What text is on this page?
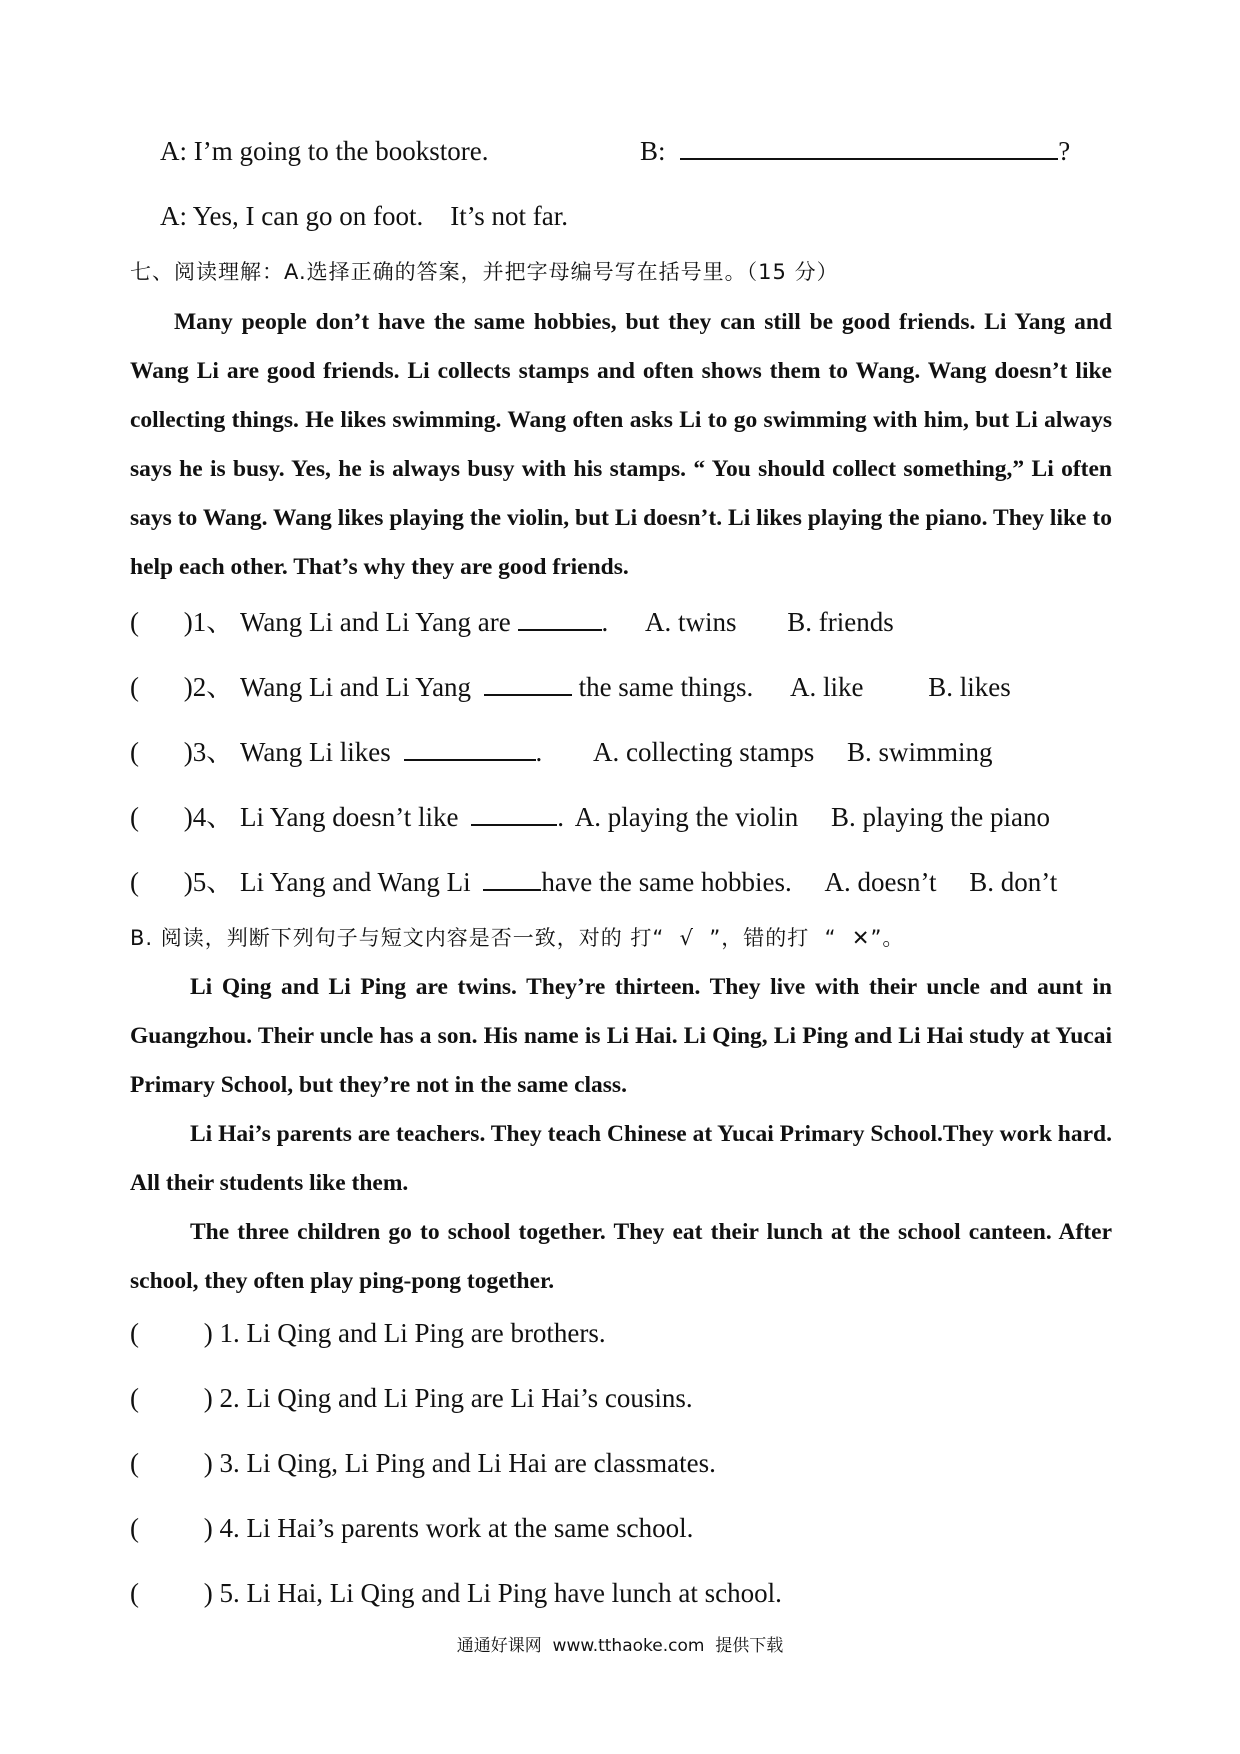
A: I’m going to the bookstore.	B:	?
A: Yes, I can go on foot.    It’s not far.
七、阅读理解：A.选择正确的答案，并把字母编号写在括号里。（15 分）
Many people don’t have the same hobbies, but they can still be good friends. Li Yang and Wang Li are good friends. Li collects stamps and often shows them to Wang. Wang doesn’t like collecting things. He likes swimming. Wang often asks Li to go swimming with him, but Li always says he is busy. Yes, he is always busy with his stamps. “ You should collect something,” Li often says to Wang. Wang likes playing the violin, but Li doesn’t. Li likes playing the piano. They like to help each other. That’s why they are good friends.
( )1、 Wang Li and Li Yang are	. A. twins B. friends
( )2、 Wang Li and Li Yang	the same things. A. like B. likes
( )3、 Wang Li likes	. A. collecting stamps B. swimming
( )4、 Li Yang doesn’t like	. A. playing the violin B. playing the piano
( )5、 Li Yang and Wang Li	have the same hobbies. A. doesn’t B. don’t
B. 阅读，判断下列句子与短文内容是否一致，对的 打“  √  ”，错的打  “  ✕”。
Li Qing and Li Ping are twins. They’re thirteen. They live with their uncle and aunt in Guangzhou. Their uncle has a son. His name is Li Hai. Li Qing, Li Ping and Li Hai study at Yucai Primary School, but they’re not in the same class.
Li Hai’s parents are teachers. They teach Chinese at Yucai Primary School.They work hard. All their students like them.
The three children go to school together. They eat their lunch at the school canteen. After school, they often play ping-pong together.
( ) 1. Li Qing and Li Ping are brothers.
( ) 2. Li Qing and Li Ping are Li Hai’s cousins.
( ) 3. Li Qing, Li Ping and Li Hai are classmates.
( ) 4. Li Hai’s parents work at the same school.
( ) 5. Li Hai, Li Qing and Li Ping have lunch at school.
通通好课网  www.tthaoke.com  提供下载
